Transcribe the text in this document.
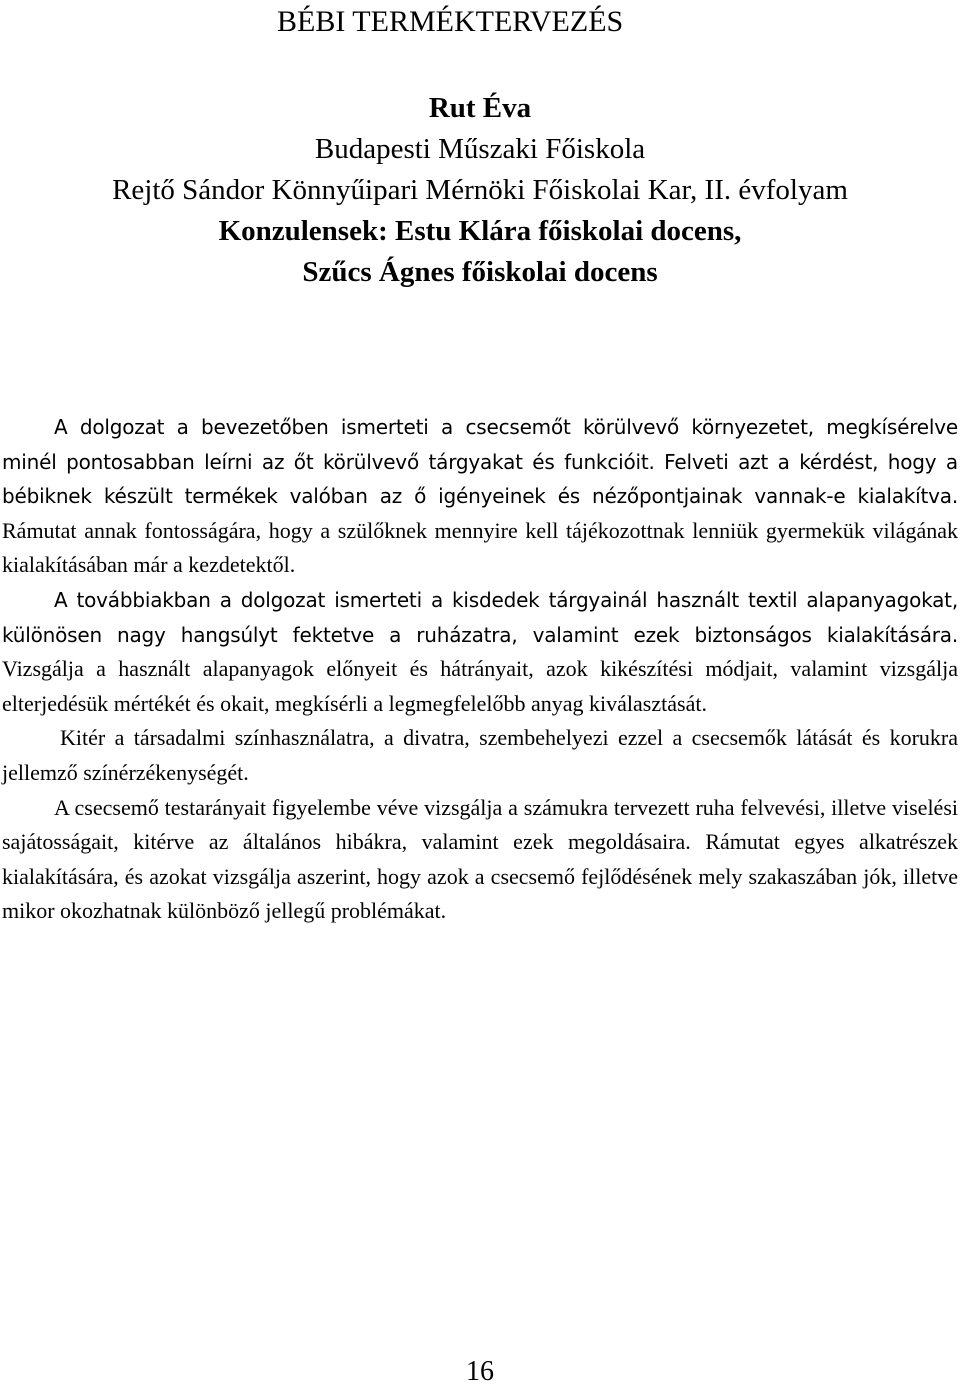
BÉBI TERMÉKTERVEZÉS
Rut Éva
Budapesti Műszaki Főiskola
Rejtő Sándor Könnyűipari Mérnöki Főiskolai Kar, II. évfolyam
Konzulensek: Estu Klára főiskolai docens,
Szűcs Ágnes főiskolai docens

A dolgozat a bevezetőben ismerteti a csecsemőt körülvevő környezetet, megkísérelve minél pontosabban leírni az őt körülvevő tárgyakat és funkcióit. Felveti azt a kérdést, hogy a bébiknek készült termékek valóban az ő igényeinek és nézőpontjainak vannak-e kialakítva. Rámutat annak fontosságára, hogy a szülőknek mennyire kell tájékozottnak lenniük gyermekük világának kialakításában már a kezdetektől.

A továbbiakban a dolgozat ismerteti a kisdedek tárgyainál használt textil alapanyagokat, különösen nagy hangsúlyt fektetve a ruházatra, valamint ezek biztonságos kialakítására. Vizsgálja a használt alapanyagok előnyeit és hátrányait, azok kikészítési módjait, valamint vizsgálja elterjedésük mértékét és okait, megkísérli a legmegfelelőbb anyag kiválasztását.

Kitér a társadalmi színhasználatra, a divatra, szembehelyezi ezzel a csecsemők látását és korukra jellemző színérzékenységét.

A csecsemő testarányait figyelembe véve vizsgálja a számukra tervezett ruha felvevési, illetve viselési sajátosságait, kitérve az általános hibákra, valamint ezek megoldásaira. Rámutat egyes alkatrészek kialakítására, és azokat vizsgálja aszerint, hogy azok a csecsemő fejlődésének mely szakaszában jók, illetve mikor okozhatnak különböző jellegű problémákat.

16
